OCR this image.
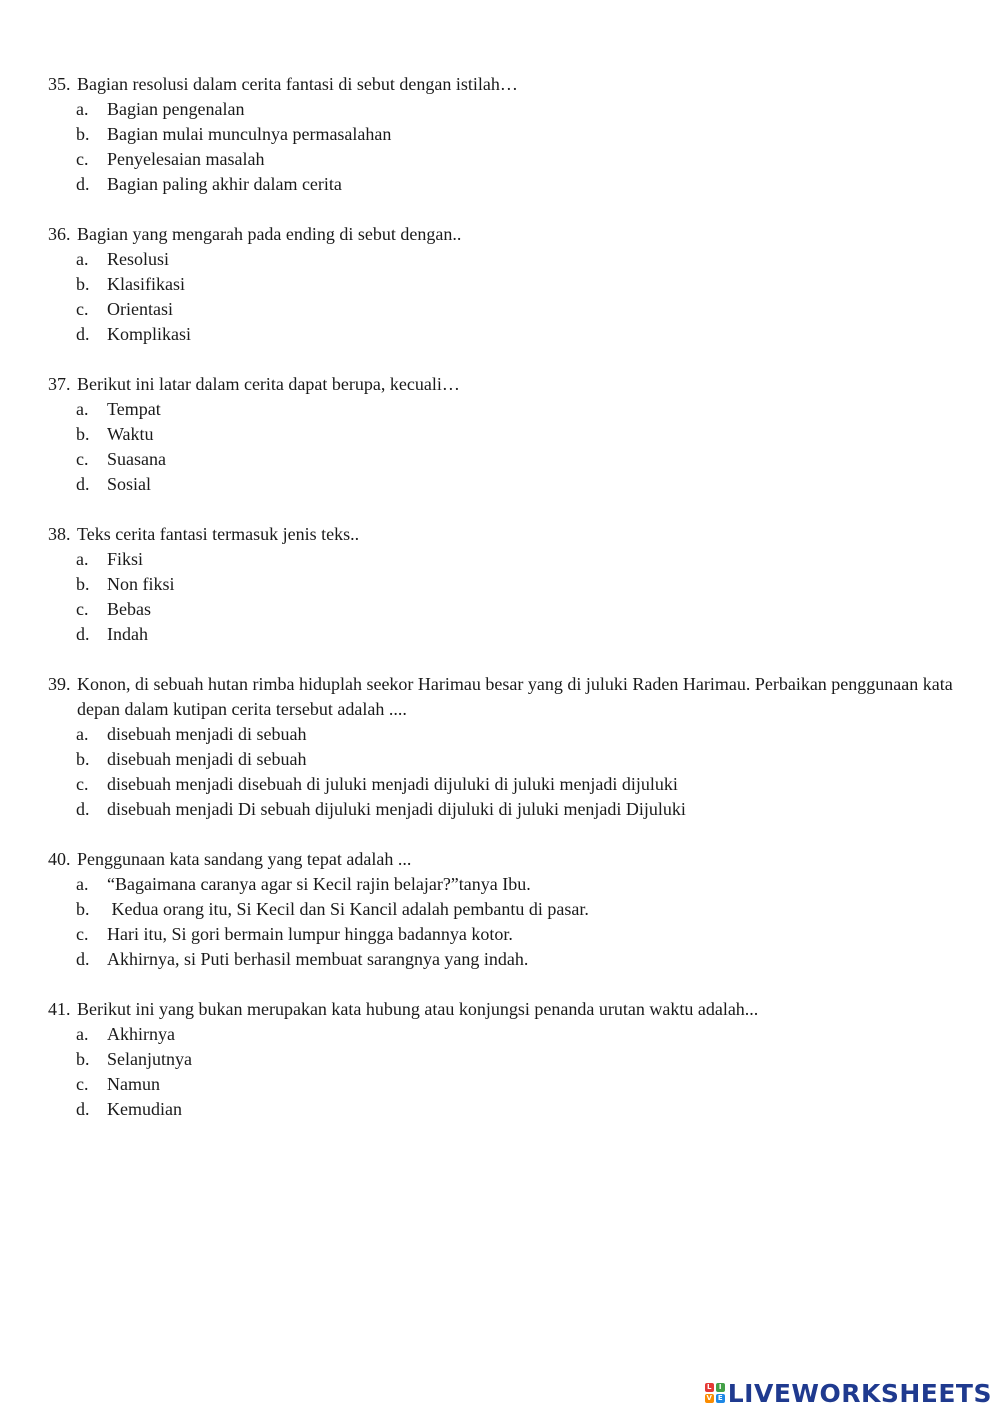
35. Bagian resolusi dalam cerita fantasi di sebut dengan istilah…
a. Bagian pengenalan
b. Bagian mulai munculnya permasalahan
c. Penyelesaian masalah
d. Bagian paling akhir dalam cerita
36. Bagian yang mengarah pada ending di sebut dengan..
a. Resolusi
b. Klasifikasi
c. Orientasi
d. Komplikasi
37. Berikut ini latar dalam cerita dapat berupa, kecuali…
a. Tempat
b. Waktu
c. Suasana
d. Sosial
38. Teks cerita fantasi termasuk jenis teks..
a. Fiksi
b. Non fiksi
c. Bebas
d. Indah
39. Konon, di sebuah hutan rimba hiduplah seekor Harimau besar yang di juluki Raden Harimau. Perbaikan penggunaan kata depan dalam kutipan cerita tersebut adalah ....
a. disebuah menjadi di sebuah
b. disebuah menjadi di sebuah
c. disebuah menjadi disebuah di juluki menjadi dijuluki di juluki menjadi dijuluki
d. disebuah menjadi Di sebuah dijuluki menjadi dijuluki di juluki menjadi Dijuluki
40. Penggunaan kata sandang yang tepat adalah ...
a. “Bagaimana caranya agar si Kecil rajin belajar?”tanya Ibu.
b. Kedua orang itu, Si Kecil dan Si Kancil adalah pembantu di pasar.
c. Hari itu, Si gori bermain lumpur hingga badannya kotor.
d. Akhirnya, si Puti berhasil membuat sarangnya yang indah.
41. Berikut ini yang bukan merupakan kata hubung atau konjungsi penanda urutan waktu adalah...
a. Akhirnya
b. Selanjutnya
c. Namun
d. Kemudian
L	I
V E LIVEWORKSHEETS
